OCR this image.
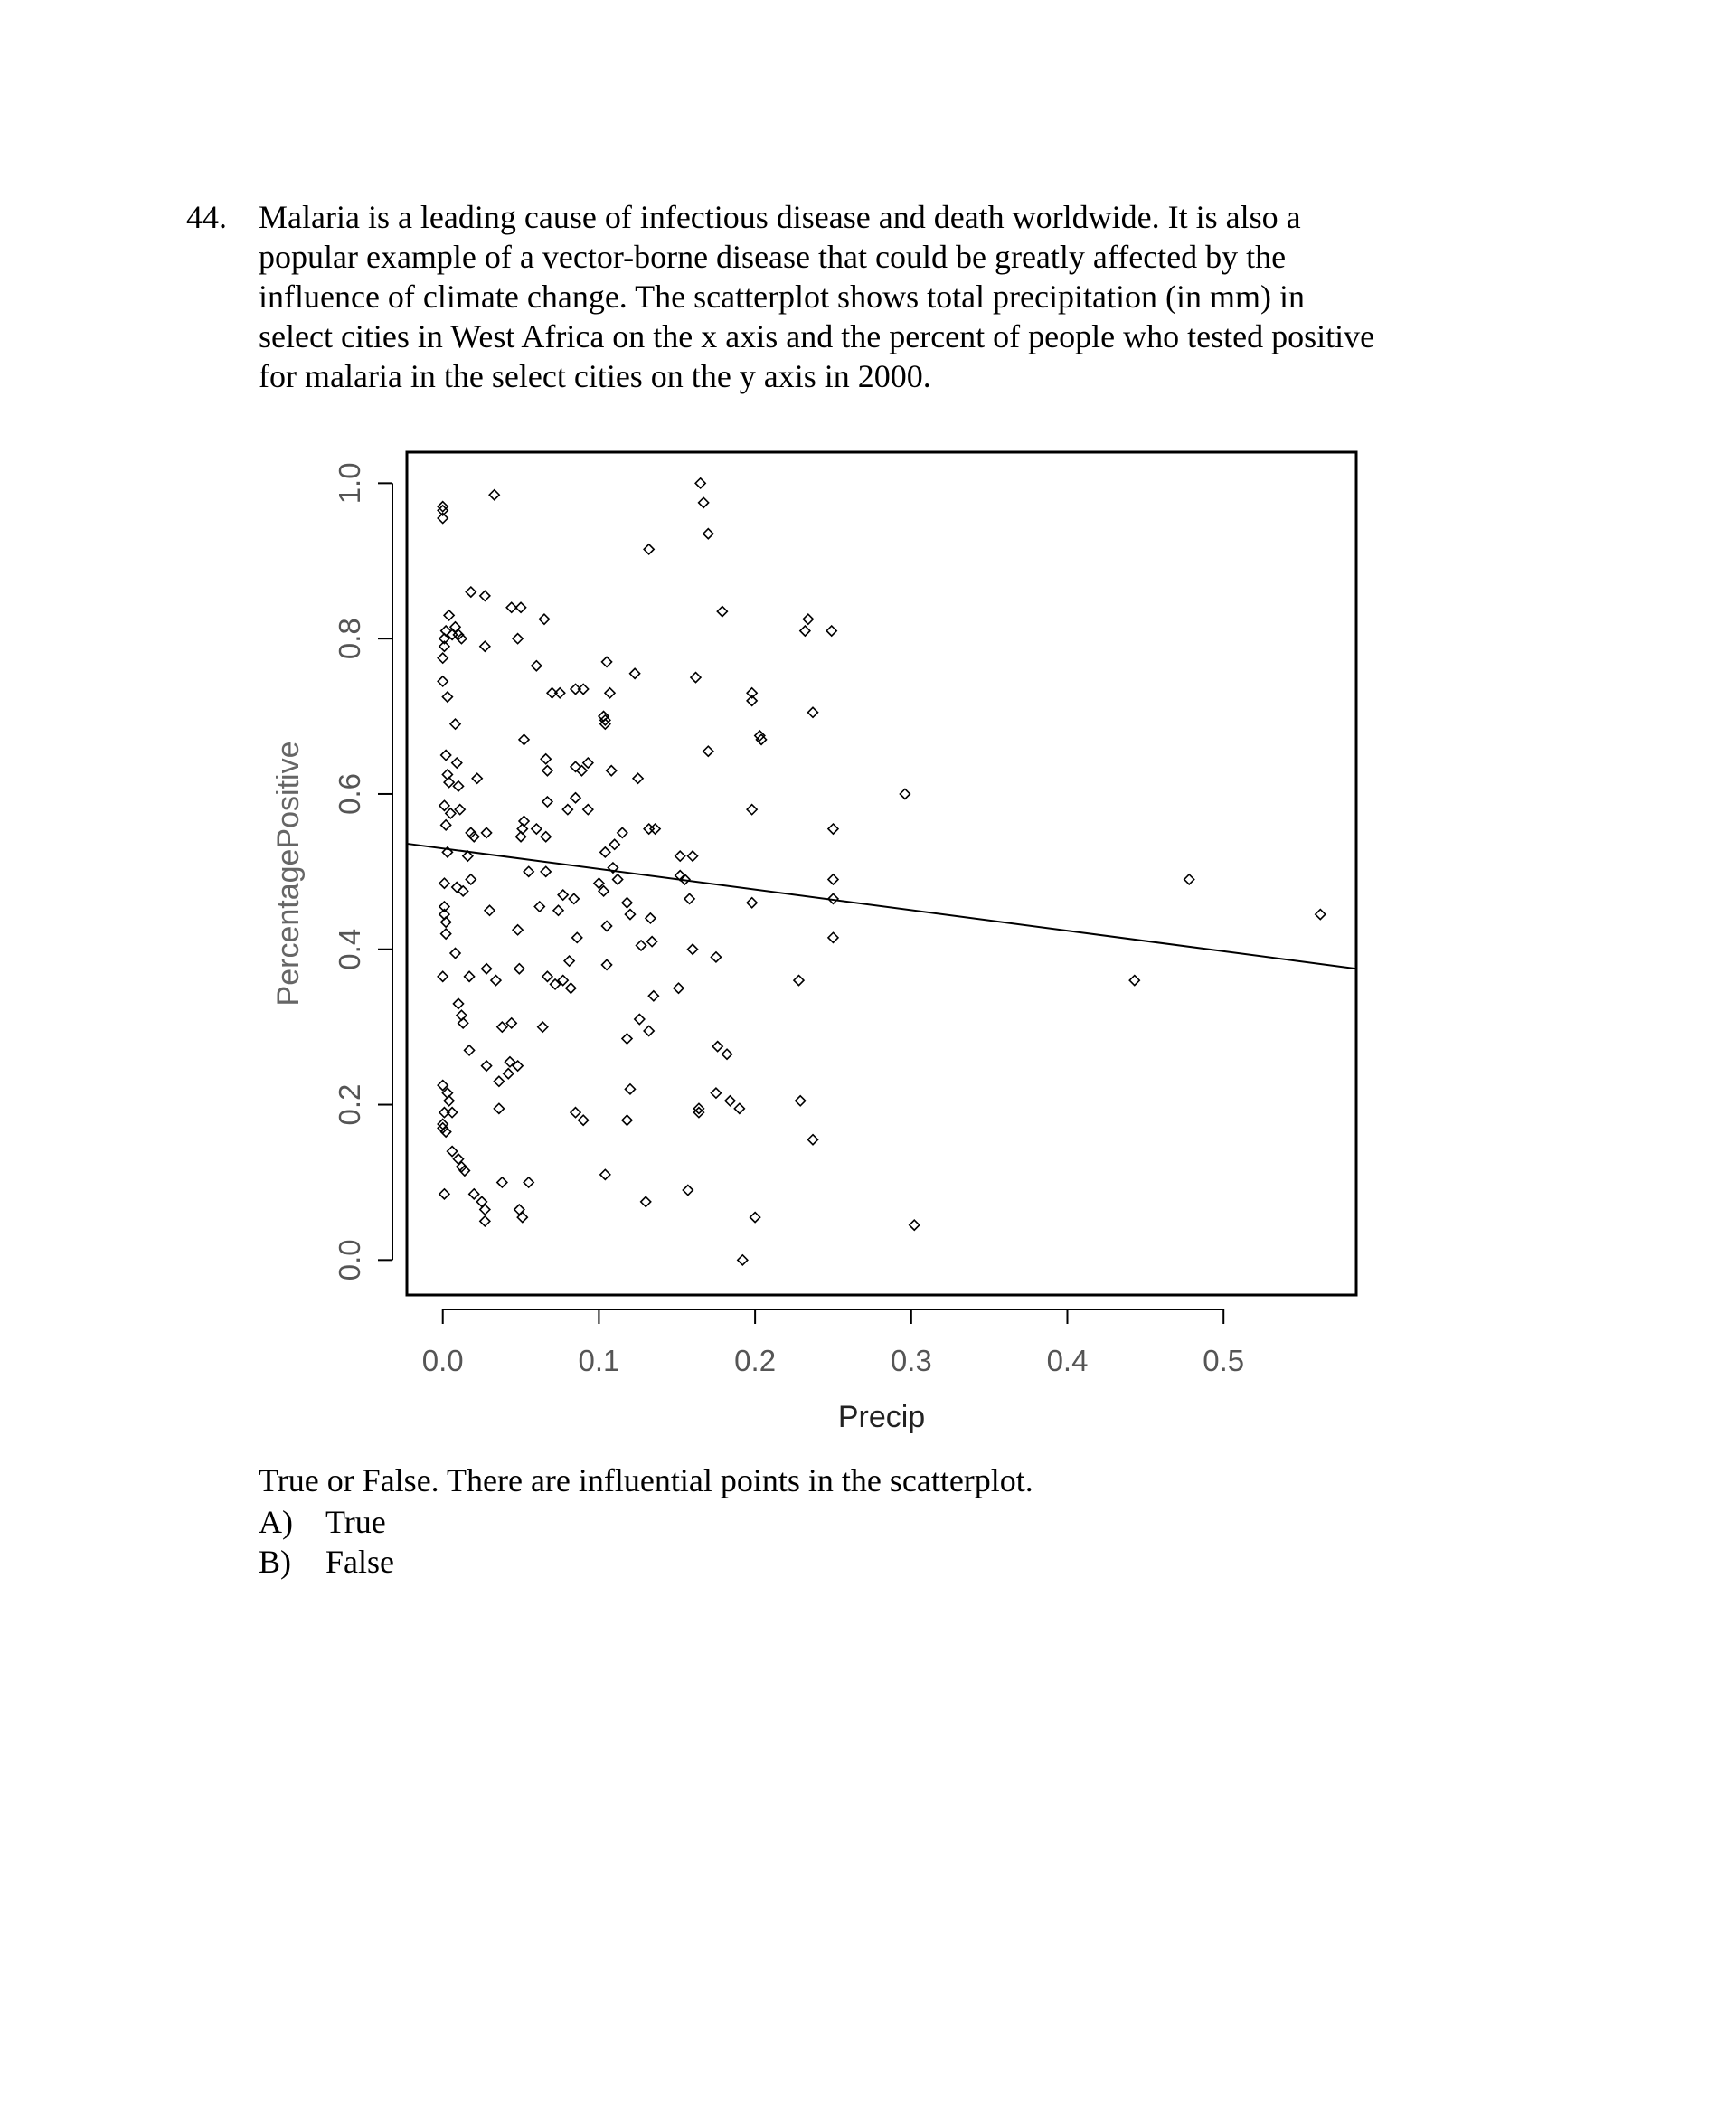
44. Malaria is a leading cause of infectious disease and death worldwide. It is also a
popular example of a vector-borne disease that could be greatly affected by the
influence of climate change. The scatterplot shows total precipitation (in mm) in
select cities in West Africa on the x axis and the percent of people who tested positive
for malaria in the select cities on the y axis in 2000.
0.0	0.1	0.2	0.3	0.4	0.5
0.0
0.2
0.4
0.6
0.8
1.0
Precip
PercentagePositive
True or False. There are influential points in the scatterplot.
A) True
B) False
